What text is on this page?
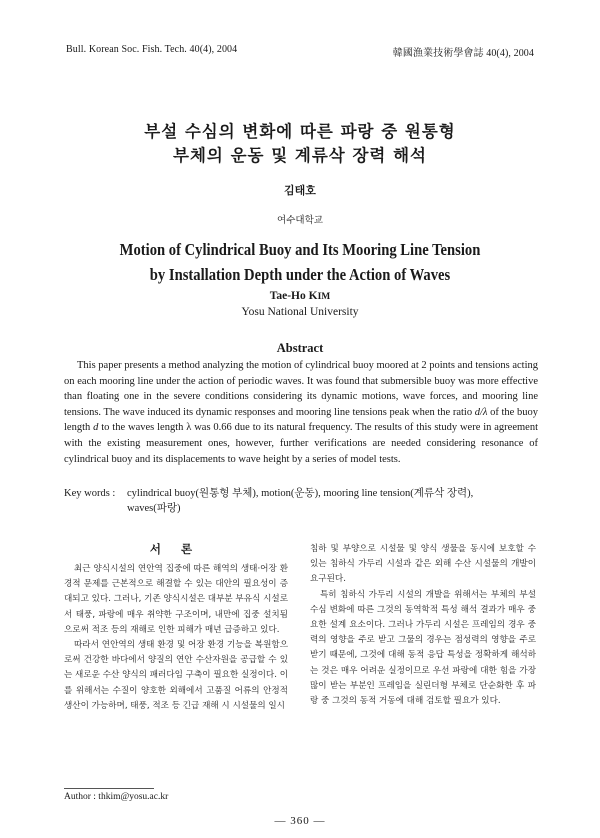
Bull. Korean Soc. Fish. Tech. 40(4), 2004	韓國漁業技術學會誌 40(4), 2004
부설 수심의 변화에 따른 파랑 중 원통형
부체의 운동 및 계류삭 장력 해석
김태호
여수대학교
Motion of Cylindrical Buoy and Its Mooring Line Tension
by Installation Depth under the Action of Waves
Tae-Ho KIM
Yosu National University
Abstract
This paper presents a method analyzing the motion of cylindrical buoy moored at 2 points and tensions acting on each mooring line under the action of periodic waves. It was found that submersible buoy was more effective than floating one in the severe conditions considering its dynamic motions, wave forces, and mooring line tensions. The wave induced its dynamic responses and mooring line tensions peak when the ratio d/λ of the buoy length d to the waves length λ was 0.66 due to its natural frequency. The results of this study were in agreement with the existing measurement ones, however, further verifications are needed considering resonance of cylindrical buoy and its displacements to wave height by a series of model tests.
Key words : cylindrical buoy(원통형 부체), motion(운동), mooring line tension(계류삭 장력),
waves(파랑)
서 론

최근 양식시설의 연안역 집중에 따른 해역의 생태·어장 환경적 문제를 근본적으로 해결할 수 있는 대안의 필요성이 증대되고 있다. 그러나, 기존 양식시설은 대부분 부유식 시설로서 태풍, 파랑에 매우 취약한 구조이며, 내만에 집중 설치됨으로써 적조 등의 재해로 인한 피해가 매년 급증하고 있다.

따라서 연안역의 생태 환경 및 어장 환경 기능을 복원함으로써 건강한 바다에서 양질의 연안 수산자원을 공급할 수 있는 새로운 수산 양식의 패러다임 구축이 필요한 실정이다. 이를 위해서는 수질이 양호한 외해에서 고품질 어류의 안정적 생산이 가능하며, 태풍, 적조 등 긴급 재해 시 시설물의 일시

침하 및 부양으로 시설물 및 양식 생물을 동시에 보호할 수 있는 침하식 가두리 시설과 같은 외해 수산 시설물의 개발이 요구된다.

특히 침하식 가두리 시설의 개발을 위해서는 부체의 부설 수심 변화에 따른 그것의 동역학적 특성 해석 결과가 매우 중요한 설계 요소이다. 그러나 가두리 시설은 프레임의 경우 중력의 영향을 주로 받고 그물의 경우는 점성력의 영향을 주로 받기 때문에, 그것에 대해 동적 응답 특성을 정확하게 해석하는 것은 매우 어려운 실정이므로 우선 파랑에 대한 힘을 가장 많이 받는 부분인 프레임을 실린더형 부체로 단순화한 후 파랑 중 그것의 동적 거동에 대해 검토할 필요가 있다.

Author : thkim@yosu.ac.kr
— 360 —
